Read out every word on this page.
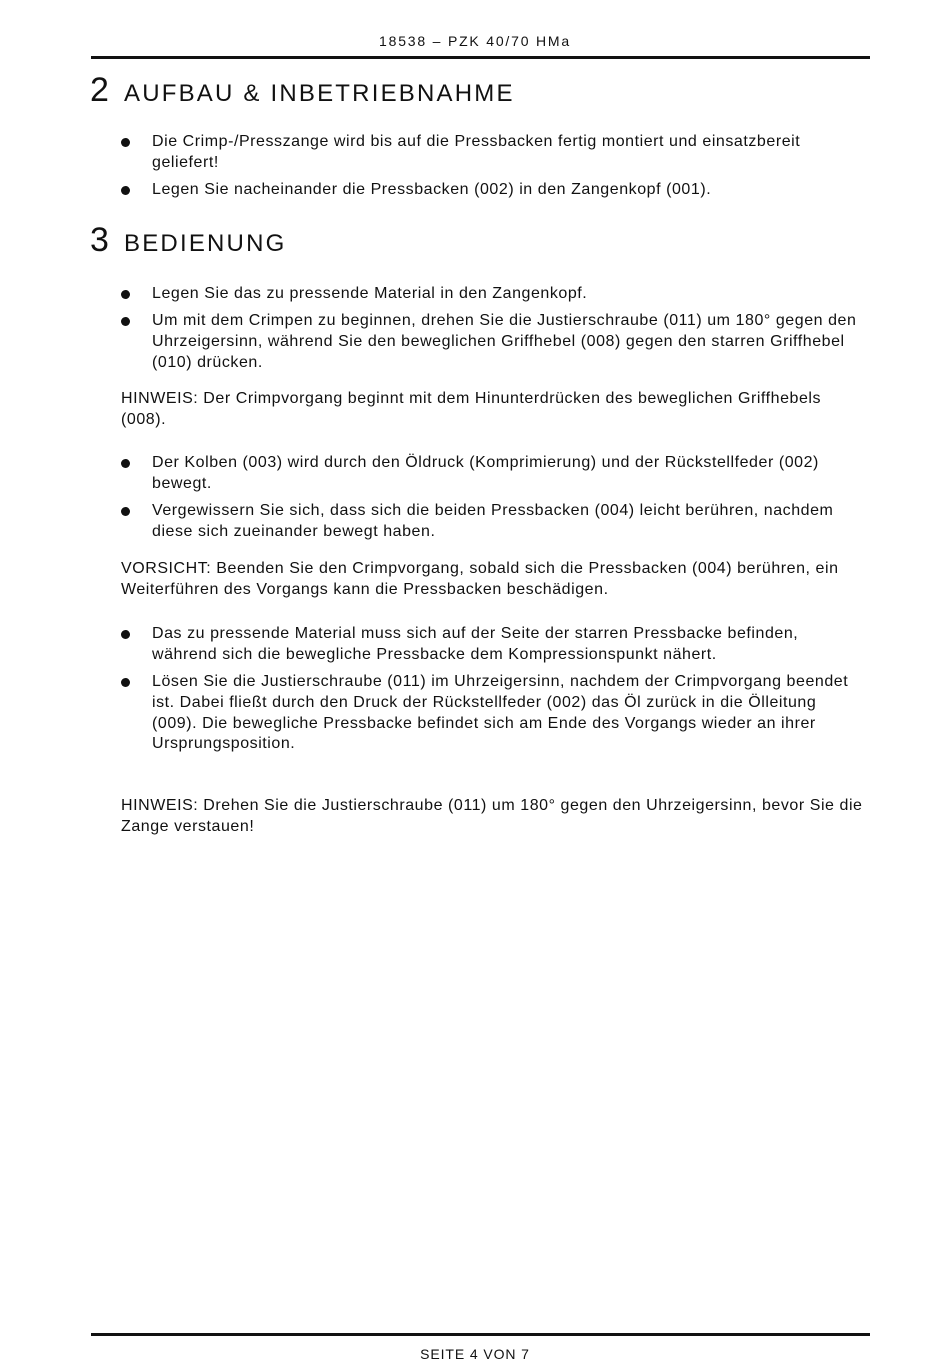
18538 – PZK 40/70 HMa
2 AUFBAU & INBETRIEBNAHME
Die Crimp-/Presszange wird bis auf die Pressbacken fertig montiert und einsatzbereit geliefert!
Legen Sie nacheinander die Pressbacken (002) in den Zangenkopf (001).
3 BEDIENUNG
Legen Sie das zu pressende Material in den Zangenkopf.
Um mit dem Crimpen zu beginnen, drehen Sie die Justierschraube (011) um 180° gegen den Uhrzeigersinn, während Sie den beweglichen Griffhebel (008) gegen den starren Griffhebel (010) drücken.

HINWEIS: Der Crimpvorgang beginnt mit dem Hinunterdrücken des beweglichen Griffhebels (008).

Der Kolben (003) wird durch den Öldruck (Komprimierung) und der Rückstellfeder (002) bewegt.
Vergewissern Sie sich, dass sich die beiden Pressbacken (004) leicht berühren, nachdem diese sich zueinander bewegt haben.

VORSICHT: Beenden Sie den Crimpvorgang, sobald sich die Pressbacken (004) berühren, ein Weiterführen des Vorgangs kann die Pressbacken beschädigen.

Das zu pressende Material muss sich auf der Seite der starren Pressbacke befinden, während sich die bewegliche Pressbacke dem Kompressionspunkt nähert.
Lösen Sie die Justierschraube (011) im Uhrzeigersinn, nachdem der Crimpvorgang beendet ist. Dabei fließt durch den Druck der Rückstellfeder (002) das Öl zurück in die Ölleitung (009). Die bewegliche Pressbacke befindet sich am Ende des Vorgangs wieder an ihrer Ursprungsposition.

HINWEIS: Drehen Sie die Justierschraube (011) um 180° gegen den Uhrzeigersinn, bevor Sie die Zange verstauen!

SEITE 4 VON 7
